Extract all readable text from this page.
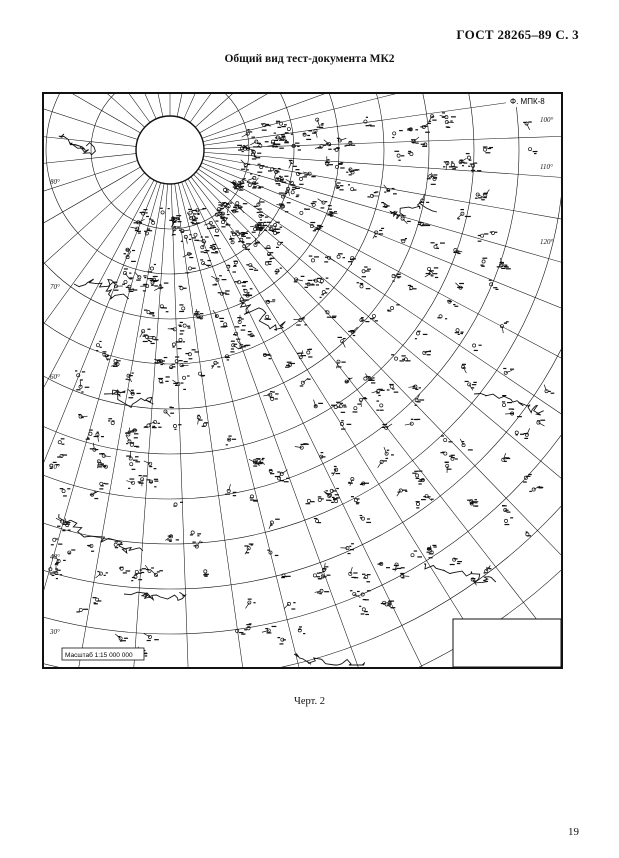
ГОСТ 28265–89 С. 3
Общий вид тест-документа МК2
80°
70°
60°
50°
40°
30°
100°
110°
120°
Ф. МПК-8
Масштаб 1:15 000 000
Черт. 2
19
